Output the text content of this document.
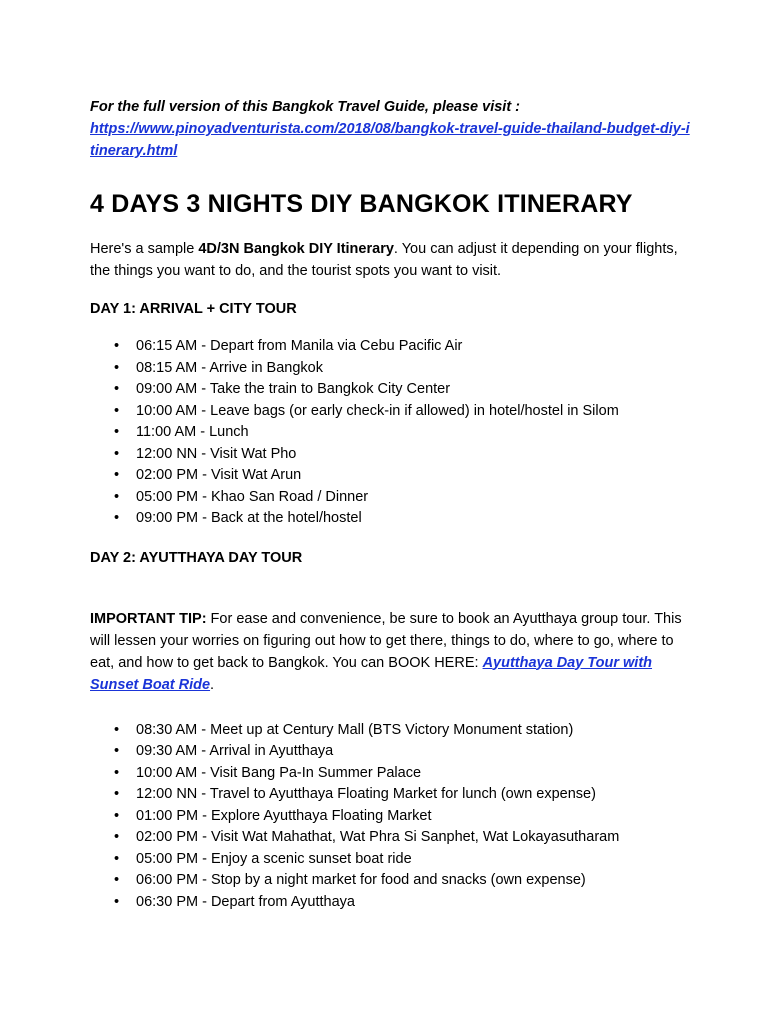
For the full version of this Bangkok Travel Guide, please visit :
https://www.pinoyadventurista.com/2018/08/bangkok-travel-guide-thailand-budget-diy-itinerary.html

4 DAYS 3 NIGHTS DIY BANGKOK ITINERARY

Here's a sample 4D/3N Bangkok DIY Itinerary. You can adjust it depending on your flights, the things you want to do, and the tourist spots you want to visit.

DAY 1: ARRIVAL + CITY TOUR

• 06:15 AM - Depart from Manila via Cebu Pacific Air
• 08:15 AM - Arrive in Bangkok
• 09:00 AM - Take the train to Bangkok City Center
• 10:00 AM - Leave bags (or early check-in if allowed) in hotel/hostel in Silom
• 11:00 AM - Lunch
• 12:00 NN - Visit Wat Pho
• 02:00 PM - Visit Wat Arun
• 05:00 PM - Khao San Road / Dinner
• 09:00 PM - Back at the hotel/hostel

DAY 2: AYUTTHAYA DAY TOUR

IMPORTANT TIP: For ease and convenience, be sure to book an Ayutthaya group tour. This will lessen your worries on figuring out how to get there, things to do, where to go, where to eat, and how to get back to Bangkok. You can BOOK HERE: Ayutthaya Day Tour with Sunset Boat Ride.

• 08:30 AM - Meet up at Century Mall (BTS Victory Monument station)
• 09:30 AM - Arrival in Ayutthaya
• 10:00 AM - Visit Bang Pa-In Summer Palace
• 12:00 NN - Travel to Ayutthaya Floating Market for lunch (own expense)
• 01:00 PM - Explore Ayutthaya Floating Market
• 02:00 PM - Visit Wat Mahathat, Wat Phra Si Sanphet, Wat Lokayasutharam
• 05:00 PM - Enjoy a scenic sunset boat ride
• 06:00 PM - Stop by a night market for food and snacks (own expense)
• 06:30 PM - Depart from Ayutthaya
